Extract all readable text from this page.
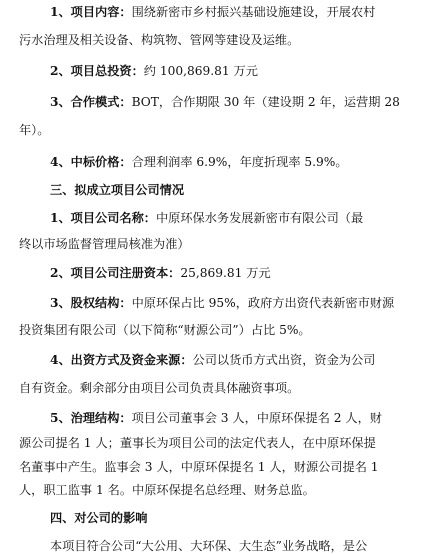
1、项目内容：围绕新密市乡村振兴基础设施建设，开展农村
污水治理及相关设备、构筑物、管网等建设及运维。
2、项目总投资：约 100,869.81 万元
3、合作模式：BOT，合作期限 30 年（建设期 2 年，运营期 28
年）。
4、中标价格：合理利润率 6.9%，年度折现率 5.9%。
三、拟成立项目公司情况
1、项目公司名称：中原环保水务发展新密市有限公司（最
终以市场监督管理局核准为准）
2、项目公司注册资本：25,869.81 万元
3、股权结构：中原环保占比 95%，政府方出资代表新密市财源
投资集团有限公司（以下简称“财源公司”）占比 5%。
4、出资方式及资金来源：公司以货币方式出资，资金为公司
自有资金。剩余部分由项目公司负责具体融资事项。
5、治理结构：项目公司董事会 3 人，中原环保提名 2 人，财
源公司提名 1 人；董事长为项目公司的法定代表人，在中原环保提
名董事中产生。监事会 3 人，中原环保提名 1 人，财源公司提名 1
人，职工监事 1 名。中原环保提名总经理、财务总监。
四、对公司的影响
本项目符合公司“大公用、大环保、大生态”业务战略，是公
